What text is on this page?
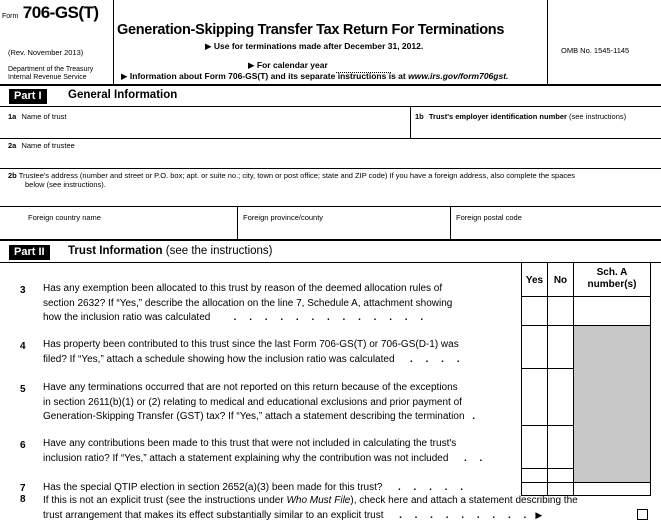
Form 706-GS(T)
(Rev. November 2013)
Department of the Treasury
Internal Revenue Service
Generation-Skipping Transfer Tax Return For Terminations
▶ Use for terminations made after December 31, 2012.
▶ For calendar year
▶ Information about Form 706-GS(T) and its separate instructions is at www.irs.gov/form706gst.
OMB No. 1545-1145
Part I	General Information
1a Name of trust	1b Trust's employer identification number (see instructions)
2a Name of trustee
2b Trustee's address (number and street or P.O. box; apt. or suite no.; city, town or post office; state and ZIP code) If you have a foreign address, also complete the spaces
below (see instructions).
Foreign country name	Foreign province/county	Foreign postal code
Part II	Trust Information (see the instructions)
Yes	No
Sch. A
number(s)
3 Has any exemption been allocated to this trust by reason of the deemed allocation rules of
section 2632? If “Yes,” describe the allocation on the line 7, Schedule A, attachment showing
how the inclusion ratio was calculated   . . . . . . . . . . . . .
4 Has property been contributed to this trust since the last Form 706-GS(T) or 706-GS(D-1) was
filed? If “Yes,” attach a schedule showing how the inclusion ratio was calculated  . . . .
5 Have any terminations occurred that are not reported on this return because of the exceptions
in section 2611(b)(1) or (2) relating to medical and educational exclusions and prior payment of
Generation-Skipping Transfer (GST) tax? If “Yes,” attach a statement describing the termination .
6 Have any contributions been made to this trust that were not included in calculating the trust's
inclusion ratio? If “Yes,” attach a statement explaining why the contribution was not included  . .
7 Has the special QTIP election in section 2652(a)(3) been made for this trust?  . . . . .
8 If this is not an explicit trust (see the instructions under Who Must File), check here and attach a statement describing the
trust arrangement that makes its effect substantially similar to an explicit trust  . . . . . . . . . ▶
